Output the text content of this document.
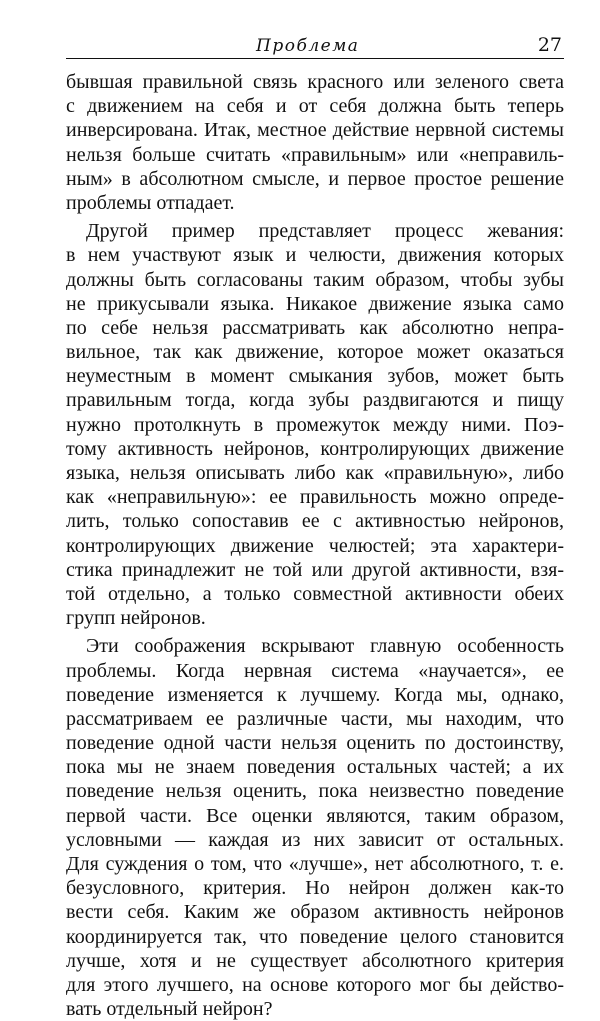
Проблема	27
бывшая правильной связь красного или зеленого света
с движением на себя и от себя должна быть теперь
инверсирована. Итак, местное действие нервной системы
нельзя больше считать «правильным» или «неправиль-
ным» в абсолютном смысле, и первое простое решение
проблемы отпадает.
Другой пример представляет процесс жевания:
в нем участвуют язык и челюсти, движения которых
должны быть согласованы таким образом, чтобы зубы
не прикусывали языка. Никакое движение языка само
по себе нельзя рассматривать как абсолютно непра-
вильное, так как движение, которое может оказаться
неуместным в момент смыкания зубов, может быть
правильным тогда, когда зубы раздвигаются и пищу
нужно протолкнуть в промежуток между ними. Поэ-
тому активность нейронов, контролирующих движение
языка, нельзя описывать либо как «правильную», либо
как «неправильную»: ее правильность можно опреде-
лить, только сопоставив ее с активностью нейронов,
контролирующих движение челюстей; эта характери-
стика принадлежит не той или другой активности, взя-
той отдельно, а только совместной активности обеих
групп нейронов.
Эти соображения вскрывают главную особенность
проблемы. Когда нервная система «научается», ее
поведение изменяется к лучшему. Когда мы, однако,
рассматриваем ее различные части, мы находим, что
поведение одной части нельзя оценить по достоинству,
пока мы не знаем поведения остальных частей; а их
поведение нельзя оценить, пока неизвестно поведение
первой части. Все оценки являются, таким образом,
условными — каждая из них зависит от остальных.
Для суждения о том, что «лучше», нет абсолютного, т. е.
безусловного, критерия. Но нейрон должен как-то
вести себя. Каким же образом активность нейронов
координируется так, что поведение целого становится
лучше, хотя и не существует абсолютного критерия
для этого лучшего, на основе которого мог бы действо-
вать отдельный нейрон?
